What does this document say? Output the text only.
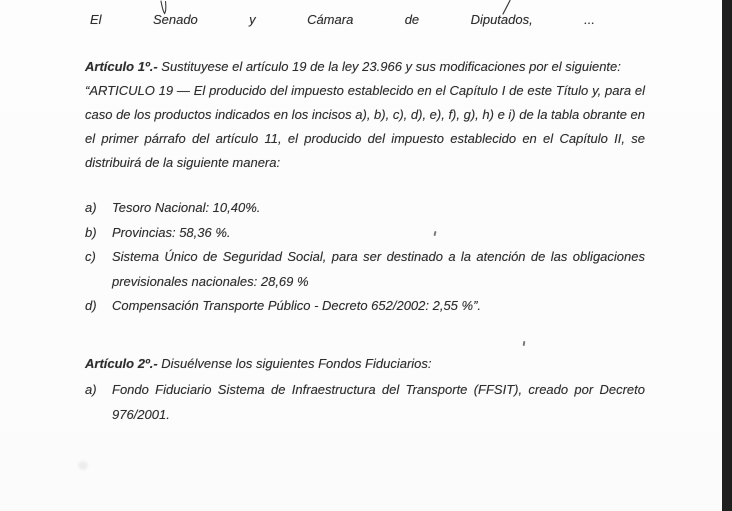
El	Senado	y	Cámara	de	Diputados,	...

Artículo 1º.- Sustituyese el artículo 19 de la ley 23.966 y sus modificaciones por el siguiente:

“ARTICULO 19 — El producido del impuesto establecido en el Capítulo I de este Título y, para el caso de los productos indicados en los incisos a), b), c), d), e), f), g), h) e i) de la tabla obrante en el primer párrafo del artículo 11, el producido del impuesto establecido en el Capítulo II, se distribuirá de la siguiente manera:

a)	Tesoro Nacional: 10,40%.
b)	Provincias: 58,36 %.
c)	Sistema Único de Seguridad Social, para ser destinado a la atención de las obligaciones previsionales nacionales: 28,69 %
d)	Compensación Transporte Público - Decreto 652/2002: 2,55 %”.

Artículo 2º.- Disuélvense los siguientes Fondos Fiduciarios:

a)	Fondo Fiduciario Sistema de Infraestructura del Transporte (FFSIT), creado por Decreto 976/2001.
